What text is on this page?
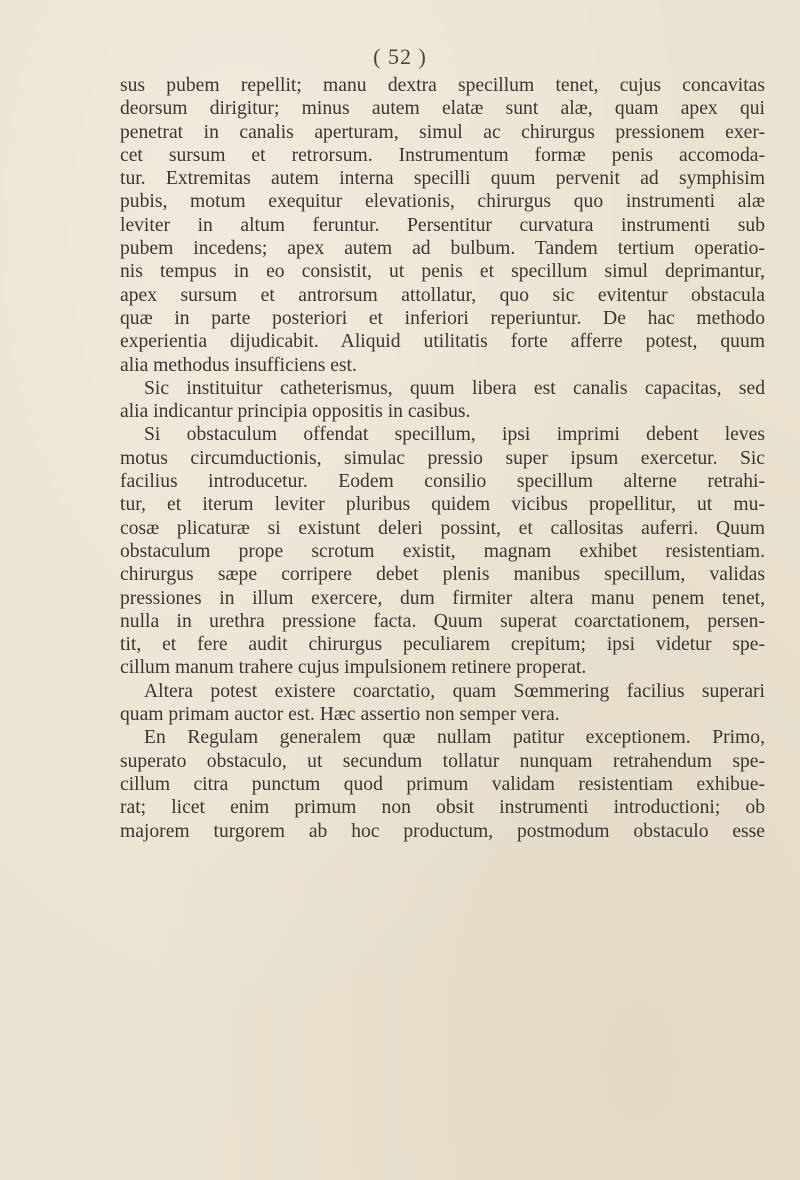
( 52 )
sus pubem repellit; manu dextra specillum tenet, cujus concavitas
deorsum dirigitur; minus autem elatæ sunt alæ, quam apex qui
penetrat in canalis aperturam, simul ac chirurgus pressionem exer-
cet sursum et retrorsum. Instrumentum formæ penis accomoda-
tur. Extremitas autem interna specilli quum pervenit ad symphisim
pubis, motum exequitur elevationis, chirurgus quo instrumenti alæ
leviter in altum feruntur. Persentitur curvatura instrumenti sub
pubem incedens; apex autem ad bulbum. Tandem tertium operatio-
nis tempus in eo consistit, ut penis et specillum simul deprimantur,
apex sursum et antrorsum attollatur, quo sic evitentur obstacula
quæ in parte posteriori et inferiori reperiuntur. De hac methodo
experientia dijudicabit. Aliquid utilitatis forte afferre potest, quum
alia methodus insufficiens est.
Sic instituitur catheterismus, quum libera est canalis capacitas, sed
alia indicantur principia oppositis in casibus.
Si obstaculum offendat specillum, ipsi imprimi debent leves
motus circumductionis, simulac pressio super ipsum exercetur. Sic
facilius introducetur. Eodem consilio specillum alterne retrahi-
tur, et iterum leviter pluribus quidem vicibus propellitur, ut mu-
cosæ plicaturæ si existunt deleri possint, et callositas auferri. Quum
obstaculum prope scrotum existit, magnam exhibet resistentiam.
chirurgus sæpe corripere debet plenis manibus specillum, validas
pressiones in illum exercere, dum firmiter altera manu penem tenet,
nulla in urethra pressione facta. Quum superat coarctationem, persen-
tit, et fere audit chirurgus peculiarem crepitum; ipsi videtur spe-
cillum manum trahere cujus impulsionem retinere properat.
Altera potest existere coarctatio, quam Sœmmering facilius superari
quam primam auctor est. Hæc assertio non semper vera.
En Regulam generalem quæ nullam patitur exceptionem. Primo,
superato obstaculo, ut secundum tollatur nunquam retrahendum spe-
cillum citra punctum quod primum validam resistentiam exhibue-
rat; licet enim primum non obsit instrumenti introductioni; ob
majorem turgorem ab hoc productum, postmodum obstaculo esse
